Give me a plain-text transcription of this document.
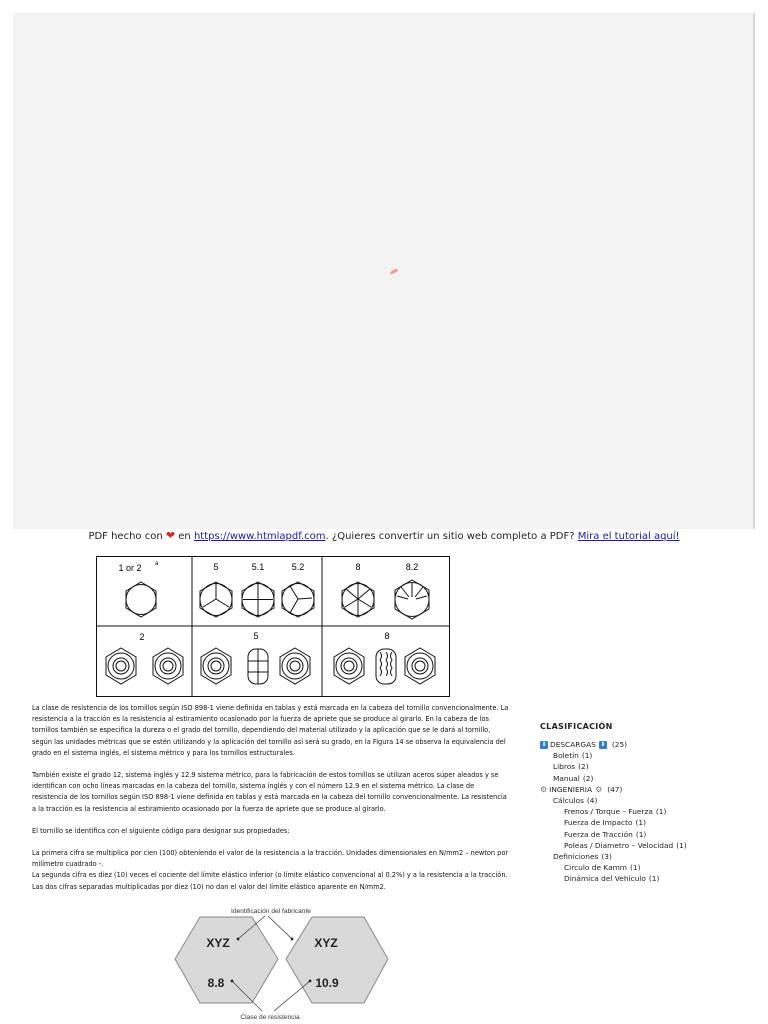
PDF hecho con ❤ en https://www.htmlapdf.com. ¿Quieres convertir un sitio web completo a PDF? Mira el tutorial aquí!
1 or 2 a	5	5.1	5.2	8	8.2
2	5	8

La clase de resistencia de los tornillos según ISO 898-1 viene definida en tablas y está marcada en la cabeza del tornillo convencionalmente. La resistencia a la tracción es la resistencia al estiramiento ocasionado por la fuerza de apriete que se produce al girarlo. En la cabeza de los tornillos también se especifica la dureza o el grado del tornillo, dependiendo del material utilizado y la aplicación que se le dará al tornillo, según las unidades métricas que se estén utilizando y la aplicación del tornillo así será su grado, en la Figura 14 se observa la equivalencia del grado en el sistema inglés, el sistema métrico y para los tornillos estructurales.

También existe el grado 12, sistema inglés y 12.9 sistema métrico, para la fabricación de estos tornillos se utilizan aceros súper aleados y se identifican con ocho líneas marcadas en la cabeza del tornillo, sistema inglés y con el número 12.9 en el sistema métrico. La clase de resistencia de los tornillos según ISO 898-1 viene definida en tablas y está marcada en la cabeza del tornillo convencionalmente. La resistencia a la tracción es la resistencia al estiramiento ocasionado por la fuerza de apriete que se produce al girarlo.

El tornillo se identifica con el siguiente código para designar sus propiedades:

La primera cifra se multiplica por cien (100) obteniendo el valor de la resistencia a la tracción. Unidades dimensionales en N/mm2 – newton por milímetro cuadrado -.
La segunda cifra es diez (10) veces el cociente del límite elástico inferior (o límite elástico convencional al 0.2%) y a la resistencia a la tracción.
Las dos cifras separadas multiplicadas por diez (10) no dan el valor del límite elástico aparente en N/mm2.

CLASIFICACIÓN
⬇ DESCARGAS ⬇ (25)
Boletín (1)
Libros (2)
Manual (2)
⚙ INGENIERIA ⚙ (47)
Cálculos (4)
Frenos / Torque – Fuerza (1)
Fuerza de Impacto (1)
Fuerza de Tracción (1)
Poleas / Diametro – Velocidad (1)
Definiciones (3)
Circulo de Kamm (1)
Dinámica del Vehículo (1)
Identificación del fabricante
Clase de resistencia
XYZ	XYZ
8.8	10.9
